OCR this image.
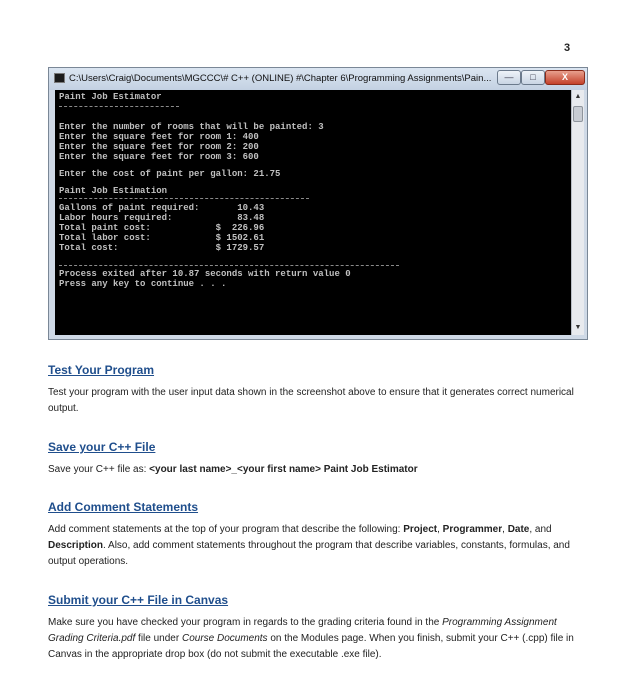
3
C:\Users\Craig\Documents\MGCCC\# C++ (ONLINE) #\Chapter 6\Programming Assignments\Pain...	—	□	X
Paint Job Estimator
Enter the number of rooms that will be painted: 3
Enter the square feet for room 1: 400
Enter the square feet for room 2: 200
Enter the square feet for room 3: 600
Enter the cost of paint per gallon: 21.75
Paint Job Estimation
Gallons of paint required:       10.43
Labor hours required:            83.48
Total paint cost:            $  226.96
Total labor cost:            $ 1502.61
Total cost:                  $ 1729.57
Process exited after 10.87 seconds with return value 0
Press any key to continue . . .
▲
▼
Test Your Program
Test your program with the user input data shown in the screenshot above to ensure that it generates correct numerical output.
Save your C++ File
Save your C++ file as: <your last name>_<your first name> Paint Job Estimator
Add Comment Statements
Add comment statements at the top of your program that describe the following: Project, Programmer, Date, and Description. Also, add comment statements throughout the program that describe variables, constants, formulas, and output operations.
Submit your C++ File in Canvas
Make sure you have checked your program in regards to the grading criteria found in the Programming Assignment Grading Criteria.pdf file under Course Documents on the Modules page. When you finish, submit your C++ (.cpp) file in Canvas in the appropriate drop box (do not submit the executable .exe file).
